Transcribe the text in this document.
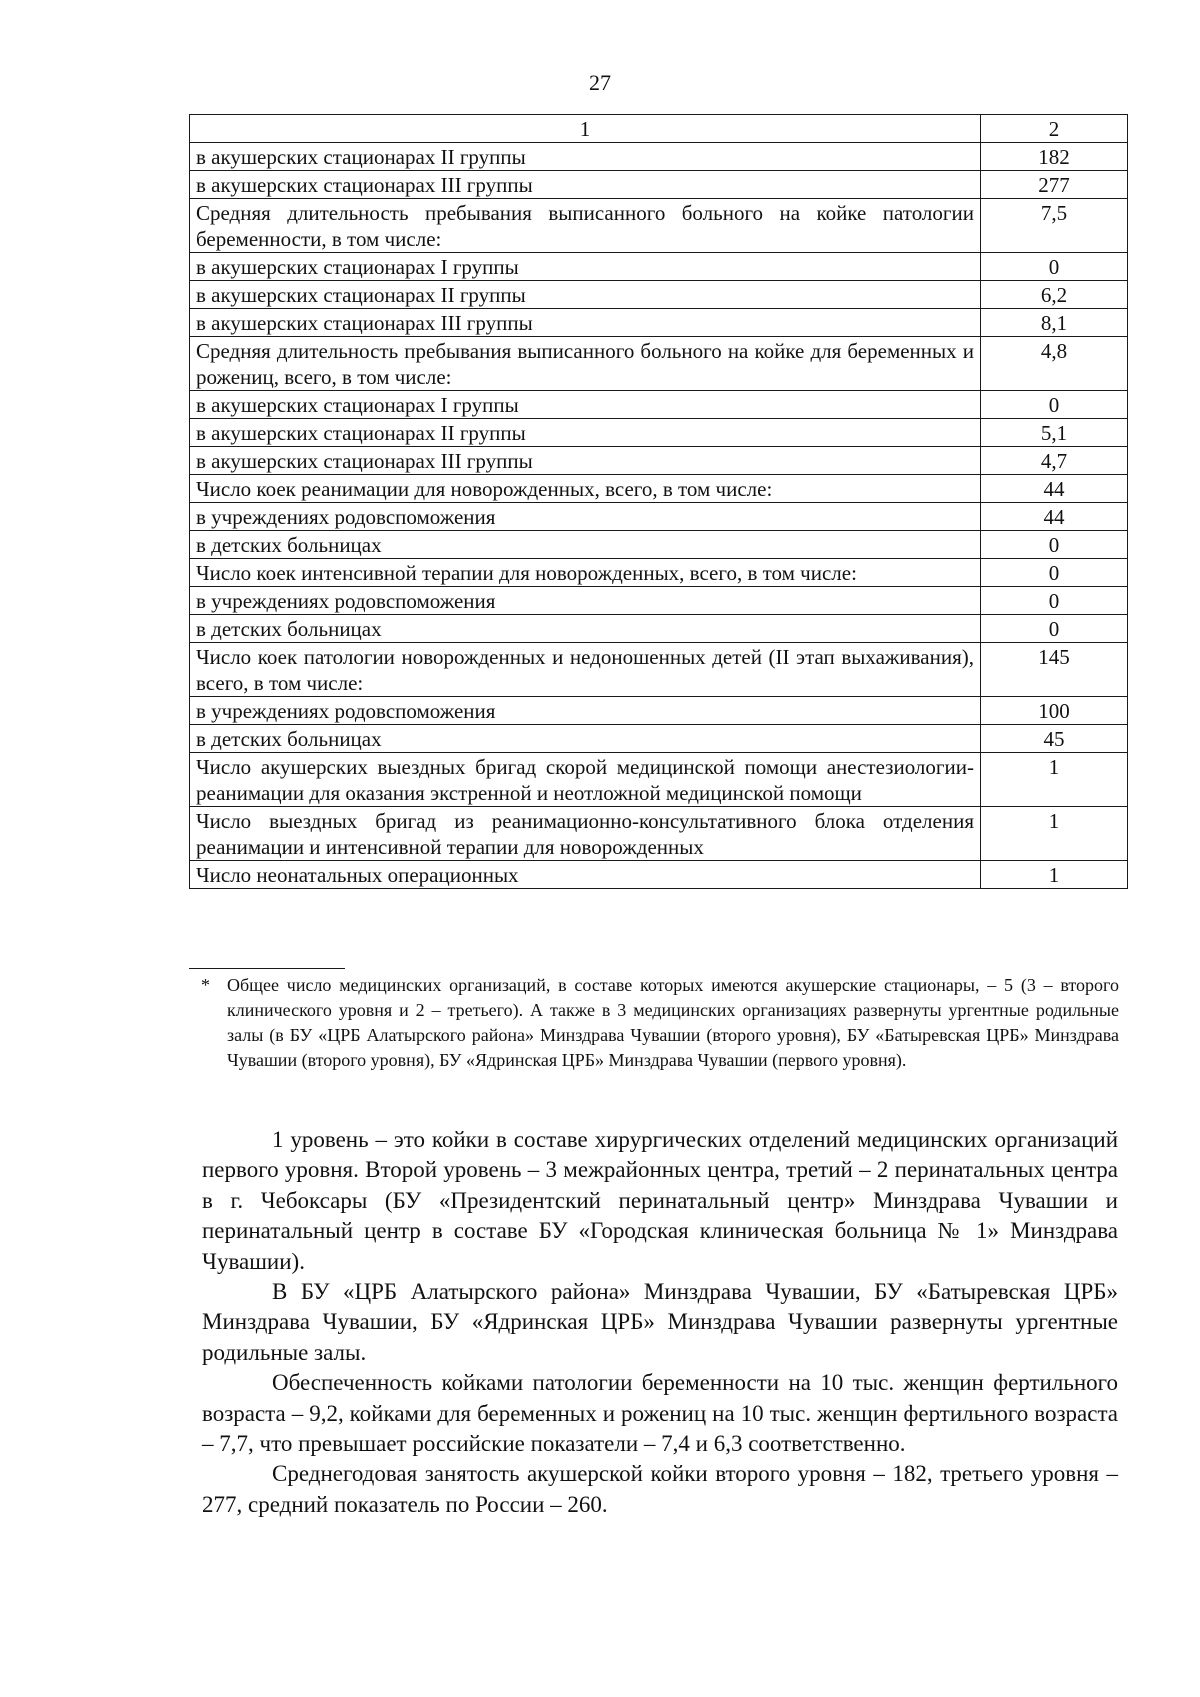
27
1	2
в акушерских стационарах II группы	182
в акушерских стационарах III группы	277
Средняя длительность пребывания выписанного больного на койке патологии беременности, в том числе:	7,5
в акушерских стационарах I группы	0
в акушерских стационарах II группы	6,2
в акушерских стационарах III группы	8,1
Средняя длительность пребывания выписанного больного на койке для беременных и рожениц, всего, в том числе:	4,8
в акушерских стационарах I группы	0
в акушерских стационарах II группы	5,1
в акушерских стационарах III группы	4,7
Число коек реанимации для новорожденных, всего, в том числе:	44
в учреждениях родовспоможения	44
в детских больницах	0
Число коек интенсивной терапии для новорожденных, всего, в том числе:	0
в учреждениях родовспоможения	0
в детских больницах	0
Число коек патологии новорожденных и недоношенных детей (II этап выхаживания), всего, в том числе:	145
в учреждениях родовспоможения	100
в детских больницах	45
Число акушерских выездных бригад скорой медицинской помощи анестезиологии-реанимации для оказания экстренной и неотложной медицинской помощи	1
Число выездных бригад из реанимационно-консультативного блока отделения реанимации и интенсивной терапии для новорожденных	1
Число неонатальных операционных	1
* Общее число медицинских организаций, в составе которых имеются акушерские стационары, – 5 (3 – второго клинического уровня и 2 – третьего). А также в 3 медицинских организациях развернуты ургентные родильные залы (в БУ «ЦРБ Алатырского района» Минздрава Чувашии (второго уровня), БУ «Батыревская ЦРБ» Минздрава Чувашии (второго уровня), БУ «Ядринская ЦРБ» Минздрава Чувашии (первого уровня).

1 уровень – это койки в составе хирургических отделений медицинских организаций первого уровня. Второй уровень – 3 межрайонных центра, третий – 2 перинатальных центра в г. Чебоксары (БУ «Президентский перинатальный центр» Минздрава Чувашии и перинатальный центр в составе БУ «Городская клиническая больница № 1» Минздрава Чувашии).

В БУ «ЦРБ Алатырского района» Минздрава Чувашии, БУ «Батыревская ЦРБ» Минздрава Чувашии, БУ «Ядринская ЦРБ» Минздрава Чувашии развернуты ургентные родильные залы.

Обеспеченность койками патологии беременности на 10 тыс. женщин фертильного возраста – 9,2, койками для беременных и рожениц на 10 тыс. женщин фертильного возраста – 7,7, что превышает российские показатели – 7,4 и 6,3 соответственно.

Среднегодовая занятость акушерской койки второго уровня – 182, третьего уровня – 277, средний показатель по России – 260.
